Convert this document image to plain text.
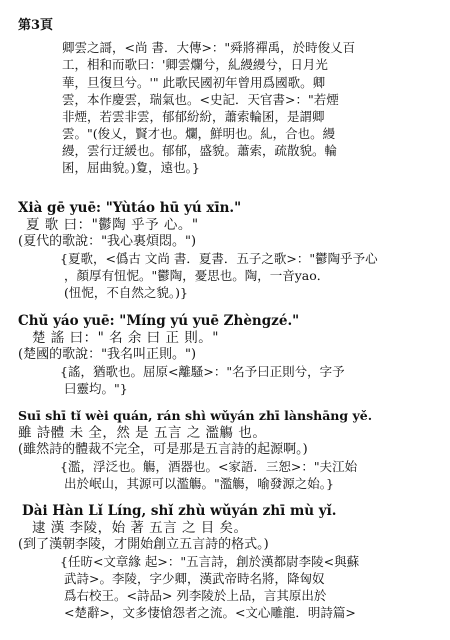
第3頁
卿雲之謌，<尚 書．大傳>："舜將禪禹，於時俊乂百
工，相和而歌曰：'卿雲爛兮，糺縵縵兮，日月光
華，旦復旦兮。'" 此歌民國初年曾用爲國歌。卿
雲，本作慶雲，瑞氣也。<史記．天官書>："若煙
非煙，若雲非雲，郁郁紛紛，蕭索輪囷，是謂卿
雲。"(俊乂，賢才也。爛，鮮明也。糺，合也。縵
縵，雲行迂緩也。郁郁，盛貌。蕭索，疏散貌。輪
囷，屈曲貌。)夐，遠也。}
Xià gē yuē: "Yùtáo hū yú xīn."
夏 歌 曰："鬱陶 乎予 心。"
(夏代的歌說："我心裏煩悶。")
{夏歌，<僞古 文尚 書．夏書．五子之歌>："鬱陶乎予心
，顏厚有忸怩。"鬱陶，憂思也。陶，一音yao．
(忸怩，不自然之貌。)}
Chǔ yáo yuē: "Míng yú yuē Zhèngzé."
楚 謠 曰：" 名 余 曰 正 則。"
(楚國的歌說："我名叫正則。")
{謠，猶歌也。屈原<離騷>："名予曰正則兮，字予
曰靈均。"}
Suī shī tǐ wèi quán, rán shì wǔyán zhī lànshāng yě.
雖 詩體 未 全，然 是 五言 之 濫觴 也。
(雖然詩的體裁不完全，可是那是五言詩的起源啊。)
{濫，浮泛也。觴，酒器也。<家語．三恕>："夫江始
出於岷山，其源可以濫觴。"濫觴，喻發源之始。}
Dài Hàn Lǐ Líng, shǐ zhù wǔyán zhī mù yǐ.
逮 漢 李陵，始 著 五言 之 目 矣。
(到了漢朝李陵，才開始創立五言詩的格式。)
{任昉<文章緣 起>："五言詩，創於漢都尉李陵<與蘇
武詩>。李陵，字少卿，漢武帝時名將，降匈奴
爲右校王。<詩品> 列李陵於上品，言其原出於
<楚辭>，文多悽愴怨者之流。<文心雕龍．明詩篇>
